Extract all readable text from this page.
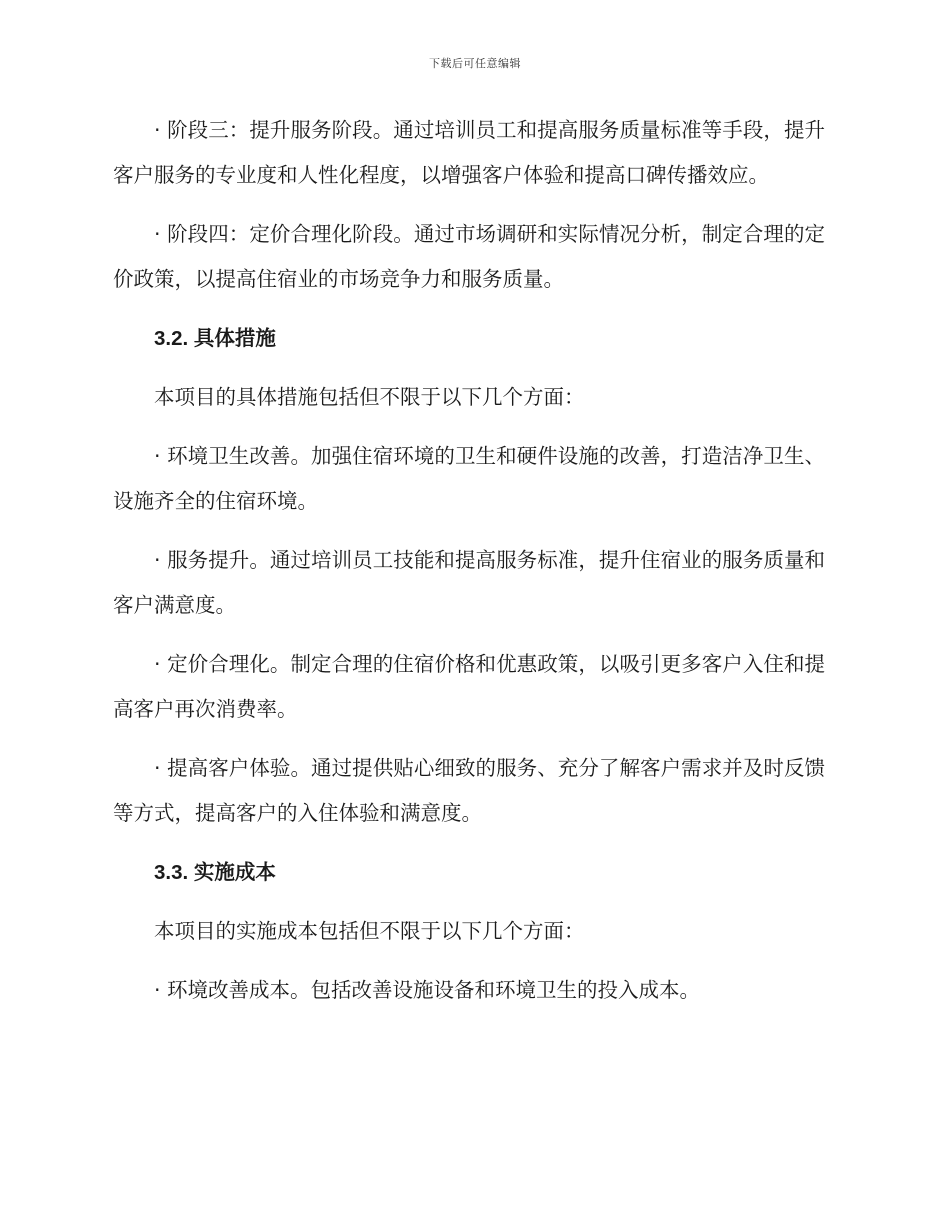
下载后可任意编辑

· 阶段三：提升服务阶段。通过培训员工和提高服务质量标准等手段，提升客户服务的专业度和人性化程度，以增强客户体验和提高口碑传播效应。

· 阶段四：定价合理化阶段。通过市场调研和实际情况分析，制定合理的定价政策，以提高住宿业的市场竞争力和服务质量。

3.2. 具体措施

本项目的具体措施包括但不限于以下几个方面：

· 环境卫生改善。加强住宿环境的卫生和硬件设施的改善，打造洁净卫生、设施齐全的住宿环境。

· 服务提升。通过培训员工技能和提高服务标准，提升住宿业的服务质量和客户满意度。

· 定价合理化。制定合理的住宿价格和优惠政策，以吸引更多客户入住和提高客户再次消费率。

· 提高客户体验。通过提供贴心细致的服务、充分了解客户需求并及时反馈等方式，提高客户的入住体验和满意度。

3.3. 实施成本

本项目的实施成本包括但不限于以下几个方面：

· 环境改善成本。包括改善设施设备和环境卫生的投入成本。
